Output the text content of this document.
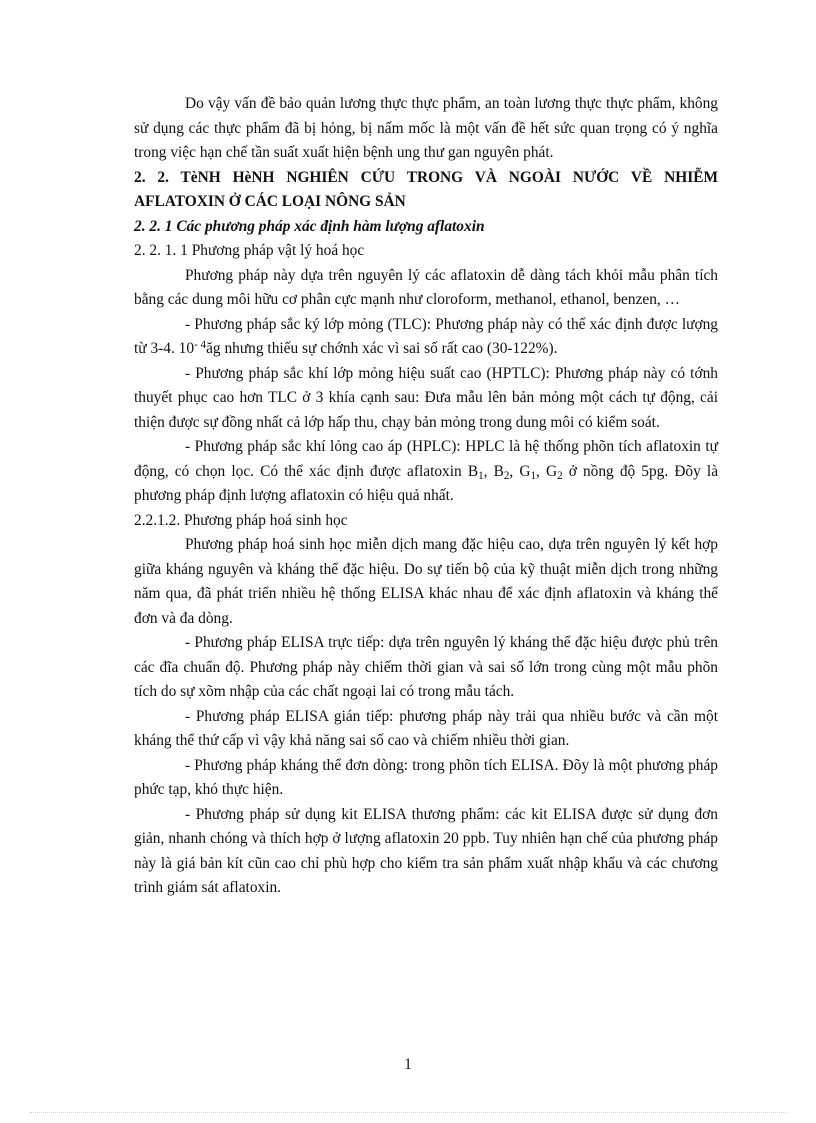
Do vậy vấn đề bảo quản lương thực thực phẩm, an toàn lương thực thực phẩm, không sử dụng các thực phẩm đã bị hỏng, bị nấm mốc là một vấn đề hết sức quan trọng có ý nghĩa trong việc hạn chế tần suất xuất hiện bệnh ung thư gan nguyên phát.

2. 2. TèNH HèNH NGHIÊN CỨU TRONG VÀ NGOÀI NƯỚC VỀ NHIỄM AFLATOXIN Ở CÁC LOẠI NÔNG SẢN

2. 2. 1 Các phương pháp xác định hàm lượng aflatoxin

2. 2. 1. 1 Phương pháp vật lý hoá học

Phương pháp này dựa trên nguyên lý các aflatoxin dễ dàng tách khỏi mẫu phân tích bằng các dung môi hữu cơ phân cực mạnh như cloroform, methanol, ethanol, benzen, …

- Phương pháp sắc ký lớp mỏng (TLC): Phương pháp này có thể xác định được lượng từ 3-4. $10^{- 4}ăg$ nhưng thiếu sự chớnh xác vì sai số rất cao (30-122%).

- Phương pháp sắc khí lớp mỏng hiệu suất cao (HPTLC): Phương pháp này có tớnh thuyết phục cao hơn TLC ở 3 khía cạnh sau: Đưa mẫu lên bản mỏng một cách tự động, cải thiện được sự đồng nhất cả lớp hấp thu, chạy bản mỏng trong dung môi có kiểm soát.

- Phương pháp sắc khí lỏng cao áp (HPLC): HPLC là hệ thống phõn tích aflatoxin tự động, có chọn lọc. Có thể xác định được aflatoxin $B_1$, $B_2$, $G_1$, $G_2$ ở nồng độ 5pg. Đõy là phương pháp định lượng aflatoxin có hiệu quả nhất.

2.2.1.2. Phương pháp hoá sinh học

Phương pháp hoá sinh học miễn dịch mang đặc hiệu cao, dựa trên nguyên lý kết hợp giữa kháng nguyên và kháng thể đặc hiệu. Do sự tiến bộ của kỹ thuật miễn dịch trong những năm qua, đã phát triển nhiều hệ thống ELISA khác nhau để xác định aflatoxin và kháng thể đơn và đa dòng.

- Phương pháp ELISA trực tiếp: dựa trên nguyên lý kháng thể đặc hiệu được phủ trên các đĩa chuẩn độ. Phương pháp này chiếm thời gian và sai số lớn trong cùng một mẫu phõn tích do sự xõm nhập của các chất ngoại lai có trong mẫu tách.

- Phương pháp ELISA gián tiếp: phương pháp này trải qua nhiều bước và cần một kháng thể thứ cấp vì vậy khả năng sai số cao và chiếm nhiều thời gian.

- Phương pháp kháng thể đơn dòng: trong phõn tích ELISA. Đõy là một phương pháp phức tạp, khó thực hiện.

- Phương pháp sử dụng kit ELISA thương phẩm: các kit ELISA được sử dụng đơn giản, nhanh chóng và thích hợp ở lượng aflatoxin 20 ppb. Tuy nhiên hạn chế của phương pháp này là giá bản kít cũn cao chỉ phù hợp cho kiểm tra sản phẩm xuất nhập khẩu và các chương trình giám sát aflatoxin.

1
